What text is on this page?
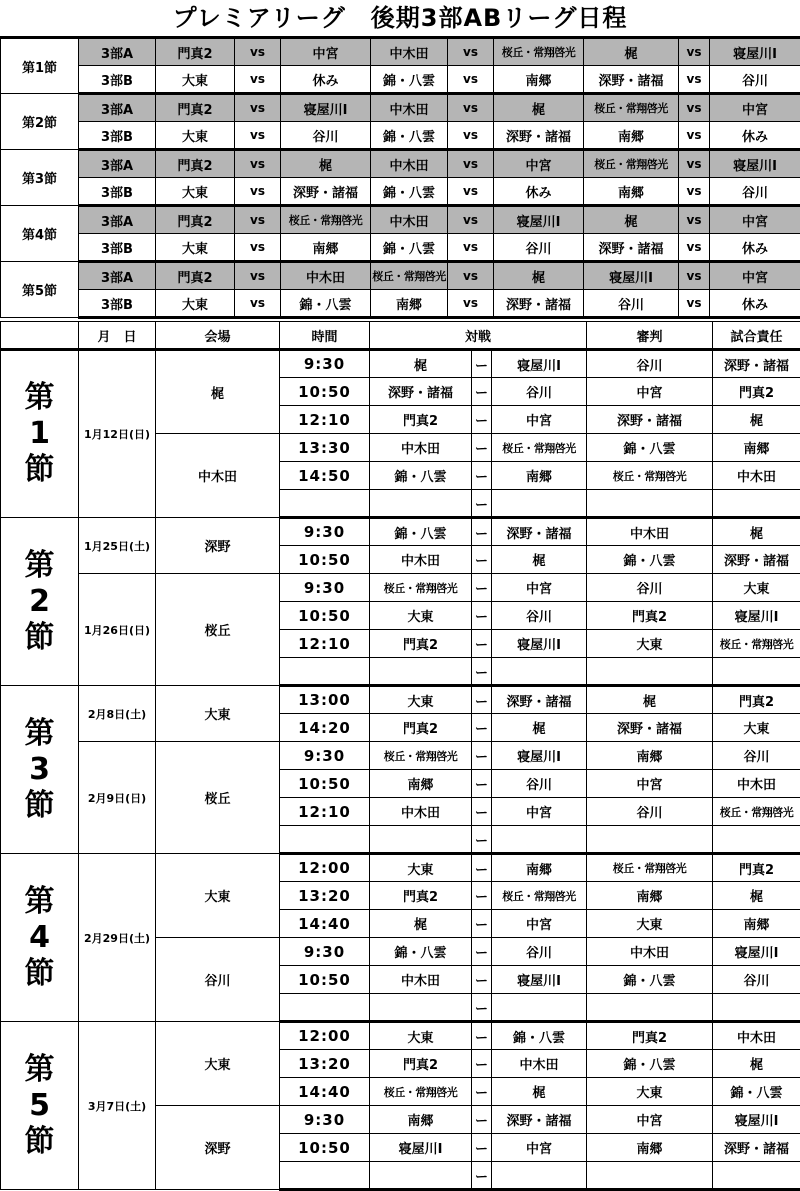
プレミアリーグ　後期3部ABリーグ日程
第1節	3部A	門真2	vs	中宮	中木田	vs	桜丘・常翔啓光	梶	vs	寝屋川Ⅰ
	3部B	大東	vs	休み	錦・八雲	vs	南郷	深野・諸福	vs	谷川
第2節	3部A	門真2	vs	寝屋川Ⅰ	中木田	vs	梶	桜丘・常翔啓光	vs	中宮
	3部B	大東	vs	谷川	錦・八雲	vs	深野・諸福	南郷	vs	休み
第3節	3部A	門真2	vs	梶	中木田	vs	中宮	桜丘・常翔啓光	vs	寝屋川Ⅰ
	3部B	大東	vs	深野・諸福	錦・八雲	vs	休み	南郷	vs	谷川
第4節	3部A	門真2	vs	桜丘・常翔啓光	中木田	vs	寝屋川Ⅰ	梶	vs	中宮
	3部B	大東	vs	南郷	錦・八雲	vs	谷川	深野・諸福	vs	休み
第5節	3部A	門真2	vs	中木田	桜丘・常翔啓光	vs	梶	寝屋川Ⅰ	vs	中宮
	3部B	大東	vs	錦・八雲	南郷	vs	深野・諸福	谷川	vs	休み
	月　日	会場	時間	対戦			審判	試合責任
第
1
節	1月12日(日)	梶	9:30	梶	ー	寝屋川Ⅰ	谷川	深野・諸福
			10:50	深野・諸福	ー	谷川	中宮	門真2
			12:10	門真2	ー	中宮	深野・諸福	梶
		中木田	13:30	中木田	ー	桜丘・常翔啓光	錦・八雲	南郷
			14:50	錦・八雲	ー	南郷	桜丘・常翔啓光	中木田
					ー			
第
2
節	1月25日(土)	深野	9:30	錦・八雲	ー	深野・諸福	中木田	梶
			10:50	中木田	ー	梶	錦・八雲	深野・諸福
	1月26日(日)	桜丘	9:30	桜丘・常翔啓光	ー	中宮	谷川	大東
			10:50	大東	ー	谷川	門真2	寝屋川Ⅰ
			12:10	門真2	ー	寝屋川Ⅰ	大東	桜丘・常翔啓光
					ー			
第
3
節	2月8日(土)	大東	13:00	大東	ー	深野・諸福	梶	門真2
			14:20	門真2	ー	梶	深野・諸福	大東
	2月9日(日)	桜丘	9:30	桜丘・常翔啓光	ー	寝屋川Ⅰ	南郷	谷川
			10:50	南郷	ー	谷川	中宮	中木田
			12:10	中木田	ー	中宮	谷川	桜丘・常翔啓光
					ー			
第
4
節	2月29日(土)	大東	12:00	大東	ー	南郷	桜丘・常翔啓光	門真2
			13:20	門真2	ー	桜丘・常翔啓光	南郷	梶
			14:40	梶	ー	中宮	大東	南郷
		谷川	9:30	錦・八雲	ー	谷川	中木田	寝屋川Ⅰ
			10:50	中木田	ー	寝屋川Ⅰ	錦・八雲	谷川
					ー			
第
5
節	3月7日(土)	大東	12:00	大東	ー	錦・八雲	門真2	中木田
			13:20	門真2	ー	中木田	錦・八雲	梶
			14:40	桜丘・常翔啓光	ー	梶	大東	錦・八雲
		深野	9:30	南郷	ー	深野・諸福	中宮	寝屋川Ⅰ
			10:50	寝屋川Ⅰ	ー	中宮	南郷	深野・諸福
					ー			
